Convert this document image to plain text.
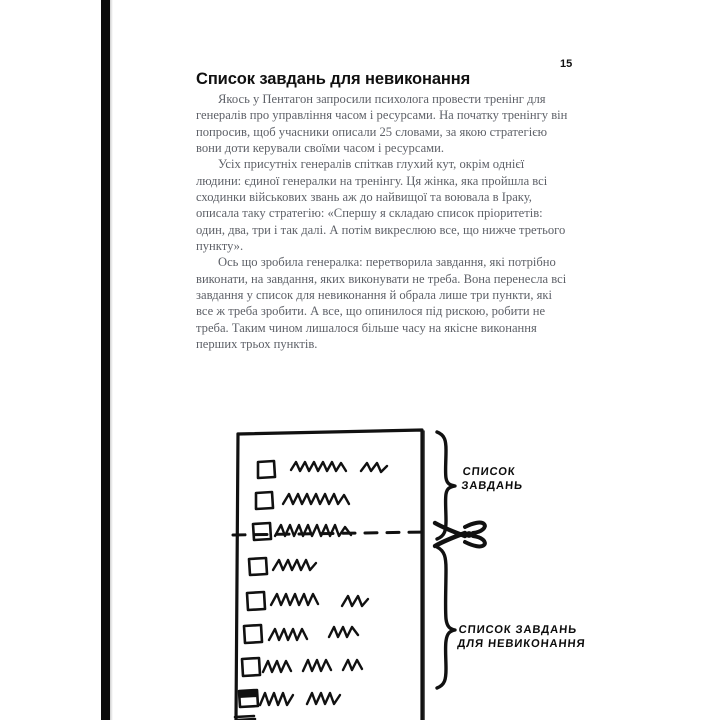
15
Список завдань для невиконання

Якось у Пентагон запросили психолога провести тренінг для генералів про управління часом і ресурсами. На початку тренінгу він попросив, щоб учасники описали 25 словами, за якою стратегією вони доти керували своїми часом і ресурсами.

Усіх присутніх генералів спіткав глухий кут, окрім однієї людини: єдиної генералки на тренінгу. Ця жінка, яка пройшла всі сходинки військових звань аж до найвищої та воювала в Іраку, описала таку стратегію: «Спершу я складаю список пріоритетів: один, два, три і так далі. А потім викреслюю все, що нижче третього пункту».

Ось що зробила генералка: перетворила завдання, які потрібно виконати, на завдання, яких виконувати не треба. Вона перенесла всі завдання у список для невиконання й обрала лише три пункти, які все ж треба зробити. А все, що опинилося під рискою, робити не треба. Таким чином лишалося більше часу на якісне виконання перших трьох пунктів.

СПИСОК
ЗАВДАНЬ
СПИСОК ЗАВДАНЬ
ДЛЯ НЕВИКОНАННЯ
